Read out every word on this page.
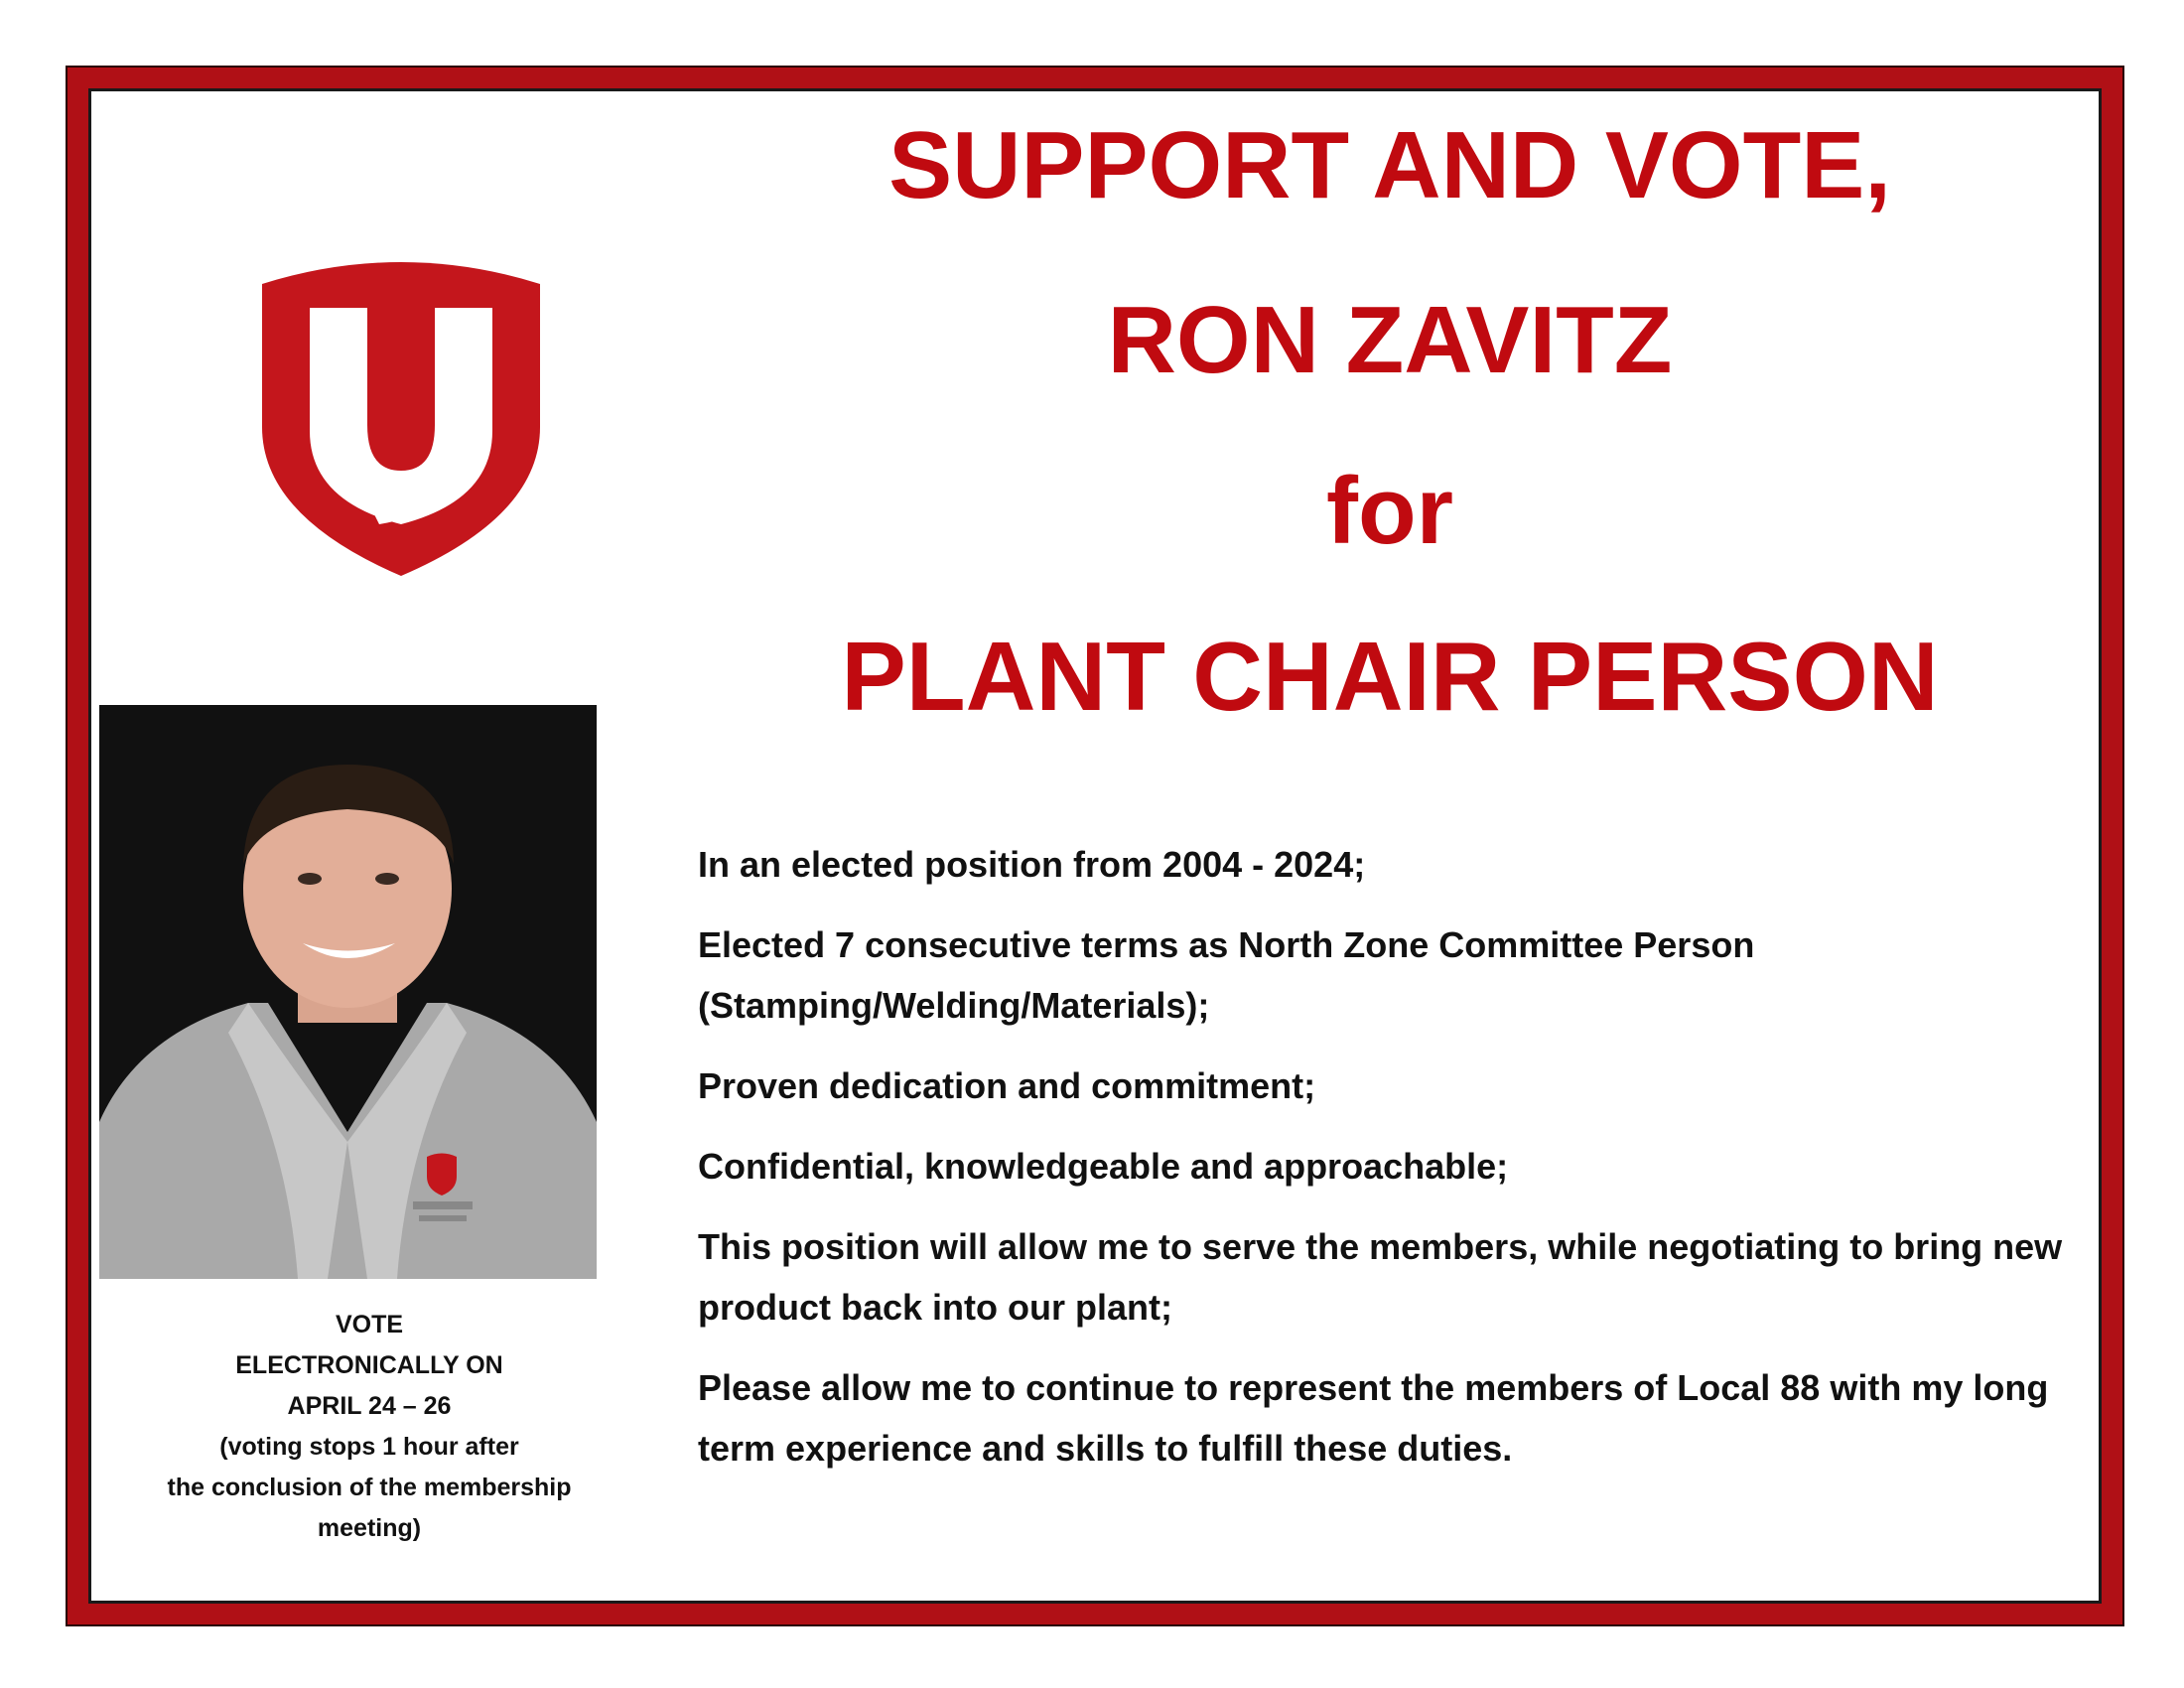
SUPPORT AND VOTE,
RON ZAVITZ
for
PLANT CHAIR PERSON
VOTE
ELECTRONICALLY ON
APRIL 24 – 26
(voting stops 1 hour after
the conclusion of the membership
meeting)

In an elected position from 2004 - 2024;

Elected 7 consecutive terms as North Zone Committee Person (Stamping/Welding/Materials);

Proven dedication and commitment;

Confidential, knowledgeable and approachable;

This position will allow me to serve the members, while negotiating to bring new product back into our plant;

Please allow me to continue to represent the members of Local 88 with my long term experience and skills to fulfill these duties.
